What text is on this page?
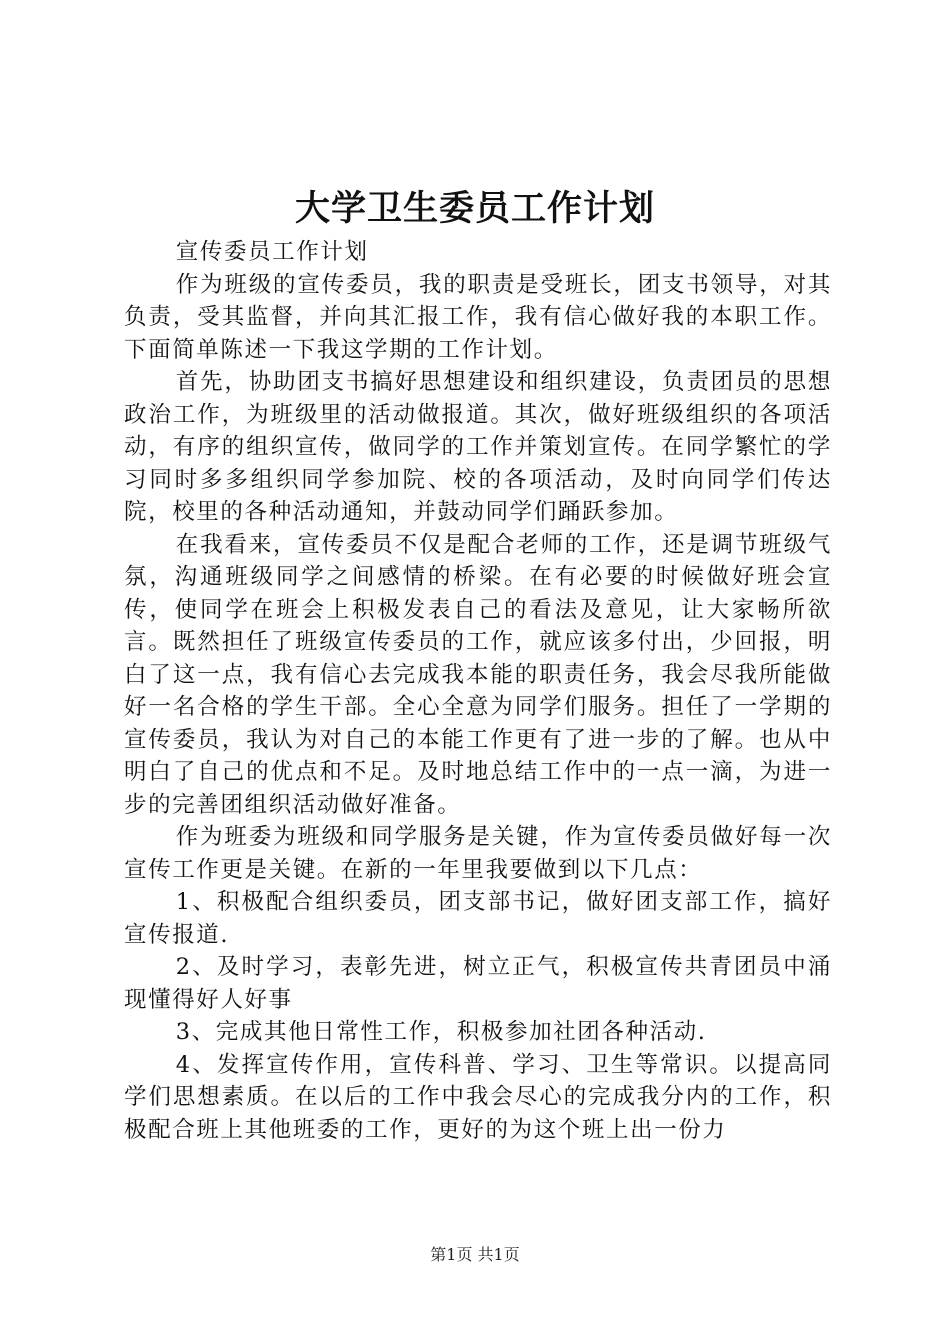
大学卫生委员工作计划

宣传委员工作计划

作为班级的宣传委员，我的职责是受班长，团支书领导，对其负责，受其监督，并向其汇报工作，我有信心做好我的本职工作。下面简单陈述一下我这学期的工作计划。

首先，协助团支书搞好思想建设和组织建设，负责团员的思想政治工作，为班级里的活动做报道。其次，做好班级组织的各项活动，有序的组织宣传，做同学的工作并策划宣传。在同学繁忙的学习同时多多组织同学参加院、校的各项活动，及时向同学们传达院，校里的各种活动通知，并鼓动同学们踊跃参加。

在我看来，宣传委员不仅是配合老师的工作，还是调节班级气氛，沟通班级同学之间感情的桥梁。在有必要的时候做好班会宣传，使同学在班会上积极发表自己的看法及意见，让大家畅所欲言。既然担任了班级宣传委员的工作，就应该多付出，少回报，明白了这一点，我有信心去完成我本能的职责任务，我会尽我所能做好一名合格的学生干部。全心全意为同学们服务。担任了一学期的宣传委员，我认为对自己的本能工作更有了进一步的了解。也从中明白了自己的优点和不足。及时地总结工作中的一点一滴，为进一步的完善团组织活动做好准备。

作为班委为班级和同学服务是关键，作为宣传委员做好每一次宣传工作更是关键。在新的一年里我要做到以下几点：

1、积极配合组织委员，团支部书记，做好团支部工作，搞好宣传报道.

2、及时学习，表彰先进，树立正气，积极宣传共青团员中涌现懂得好人好事

3、完成其他日常性工作，积极参加社团各种活动.

4、发挥宣传作用，宣传科普、学习、卫生等常识。以提高同学们思想素质。在以后的工作中我会尽心的完成我分内的工作，积极配合班上其他班委的工作，更好的为这个班上出一份力

第1页 共1页
